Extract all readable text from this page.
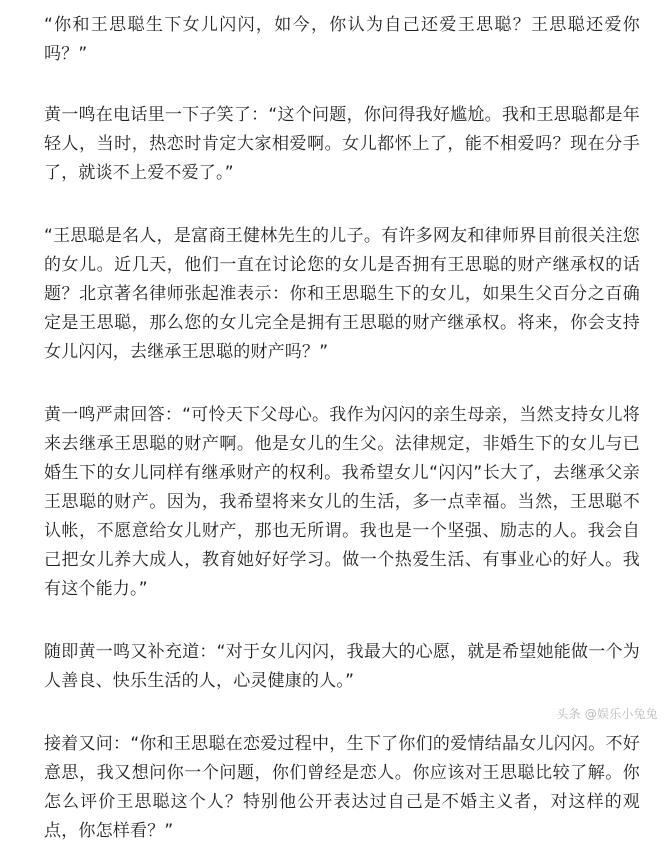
“你和王思聪生下女儿闪闪，如今，你认为自己还爱王思聪？王思聪还爱你吗？”

黄一鸣在电话里一下子笑了：“这个问题，你问得我好尴尬。我和王思聪都是年轻人，当时，热恋时肯定大家相爱啊。女儿都怀上了，能不相爱吗？现在分手了，就谈不上爱不爱了。”

“王思聪是名人，是富商王健林先生的儿子。有许多网友和律师界目前很关注您的女儿。近几天，他们一直在讨论您的女儿是否拥有王思聪的财产继承权的话题？北京著名律师张起淮表示：你和王思聪生下的女儿，如果生父百分之百确定是王思聪，那么您的女儿完全是拥有王思聪的财产继承权。将来，你会支持女儿闪闪，去继承王思聪的财产吗？”

黄一鸣严肃回答：“可怜天下父母心。我作为闪闪的亲生母亲，当然支持女儿将来去继承王思聪的财产啊。他是女儿的生父。法律规定，非婚生下的女儿与已婚生下的女儿同样有继承财产的权利。我希望女儿“闪闪”长大了，去继承父亲王思聪的财产。因为，我希望将来女儿的生活，多一点幸福。当然，王思聪不认帐，不愿意给女儿财产，那也无所谓。我也是一个坚强、励志的人。我会自己把女儿养大成人，教育她好好学习。做一个热爱生活、有事业心的好人。我有这个能力。”

随即黄一鸣又补充道：“对于女儿闪闪，我最大的心愿，就是希望她能做一个为人善良、快乐生活的人，心灵健康的人。”

接着又问：“你和王思聪在恋爱过程中，生下了你们的爱情结晶女儿闪闪。不好意思，我又想问你一个问题，你们曾经是恋人。你应该对王思聪比较了解。你怎么评价王思聪这个人？特别他公开表达过自己是不婚主义者，对这样的观点，你怎样看？”

头条 @娱乐小兔兔
